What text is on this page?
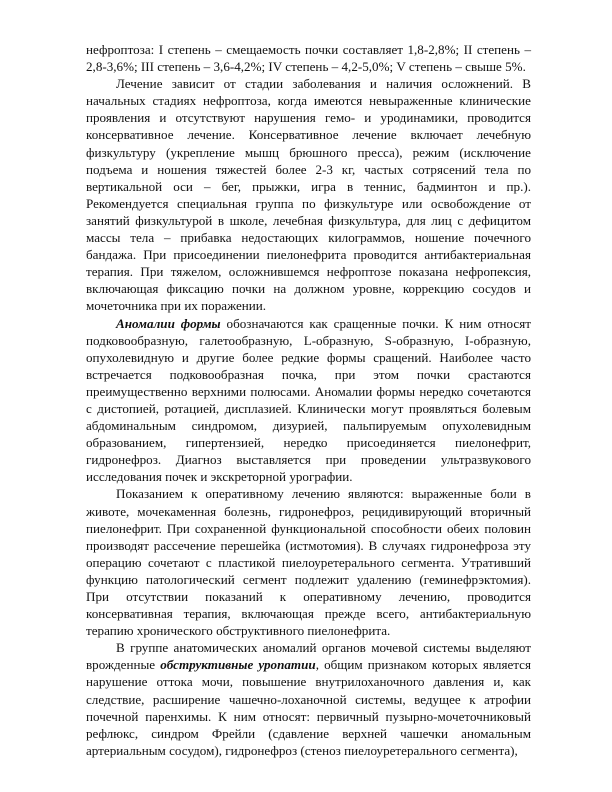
нефроптоза: I степень – смещаемость почки составляет 1,8-2,8%; II степень – 2,8-3,6%; III степень – 3,6-4,2%; IV степень – 4,2-5,0%; V степень – свыше 5%.

Лечение зависит от стадии заболевания и наличия осложнений. В начальных стадиях нефроптоза, когда имеются невыраженные клинические проявления и отсутствуют нарушения гемо- и уродинамики, проводится консервативное лечение. Консервативное лечение включает лечебную физкультуру (укрепление мышц брюшного пресса), режим (исключение подъема и ношения тяжестей более 2-3 кг, частых сотрясений тела по вертикальной оси – бег, прыжки, игра в теннис, бадминтон и пр.). Рекомендуется специальная группа по физкультуре или освобождение от занятий физкультурой в школе, лечебная физкультура, для лиц с дефицитом массы тела – прибавка недостающих килограммов, ношение почечного бандажа. При присоединении пиелонефрита проводится антибактериальная терапия. При тяжелом, осложнившемся нефроптозе показана нефропексия, включающая фиксацию почки на должном уровне, коррекцию сосудов и мочеточника при их поражении.

Аномалии формы обозначаются как сращенные почки. К ним относят подковообразную, галетообразную, L-образную, S-образную, I-образную, опухолевидную и другие более редкие формы сращений. Наиболее часто встречается подковообразная почка, при этом почки срастаются преимущественно верхними полюсами. Аномалии формы нередко сочетаются с дистопией, ротацией, дисплазией. Клинически могут проявляться болевым абдоминальным синдромом, дизурией, пальпируемым опухолевидным образованием, гипертензией, нередко присоединяется пиелонефрит, гидронефроз. Диагноз выставляется при проведении ультразвукового исследования почек и экскреторной урографии.

Показанием к оперативному лечению являются: выраженные боли в животе, мочекаменная болезнь, гидронефроз, рецидивирующий вторичный пиелонефрит. При сохраненной функциональной способности обеих половин производят рассечение перешейка (истмотомия). В случаях гидронефроза эту операцию сочетают с пластикой пиелоуретерального сегмента. Утративший функцию патологический сегмент подлежит удалению (геминефрэктомия). При отсутствии показаний к оперативному лечению, проводится консервативная терапия, включающая прежде всего, антибактериальную терапию хронического обструктивного пиелонефрита.

В группе анатомических аномалий органов мочевой системы выделяют врожденные обструктивные уропатии, общим признаком которых является нарушение оттока мочи, повышение внутрилоханочного давления и, как следствие, расширение чашечно-лоханочной системы, ведущее к атрофии почечной паренхимы. К ним относят: первичный пузырно-мочеточниковый рефлюкс, синдром Фрейли (сдавление верхней чашечки аномальным артериальным сосудом), гидронефроз (стеноз пиелоуретерального сегмента),
